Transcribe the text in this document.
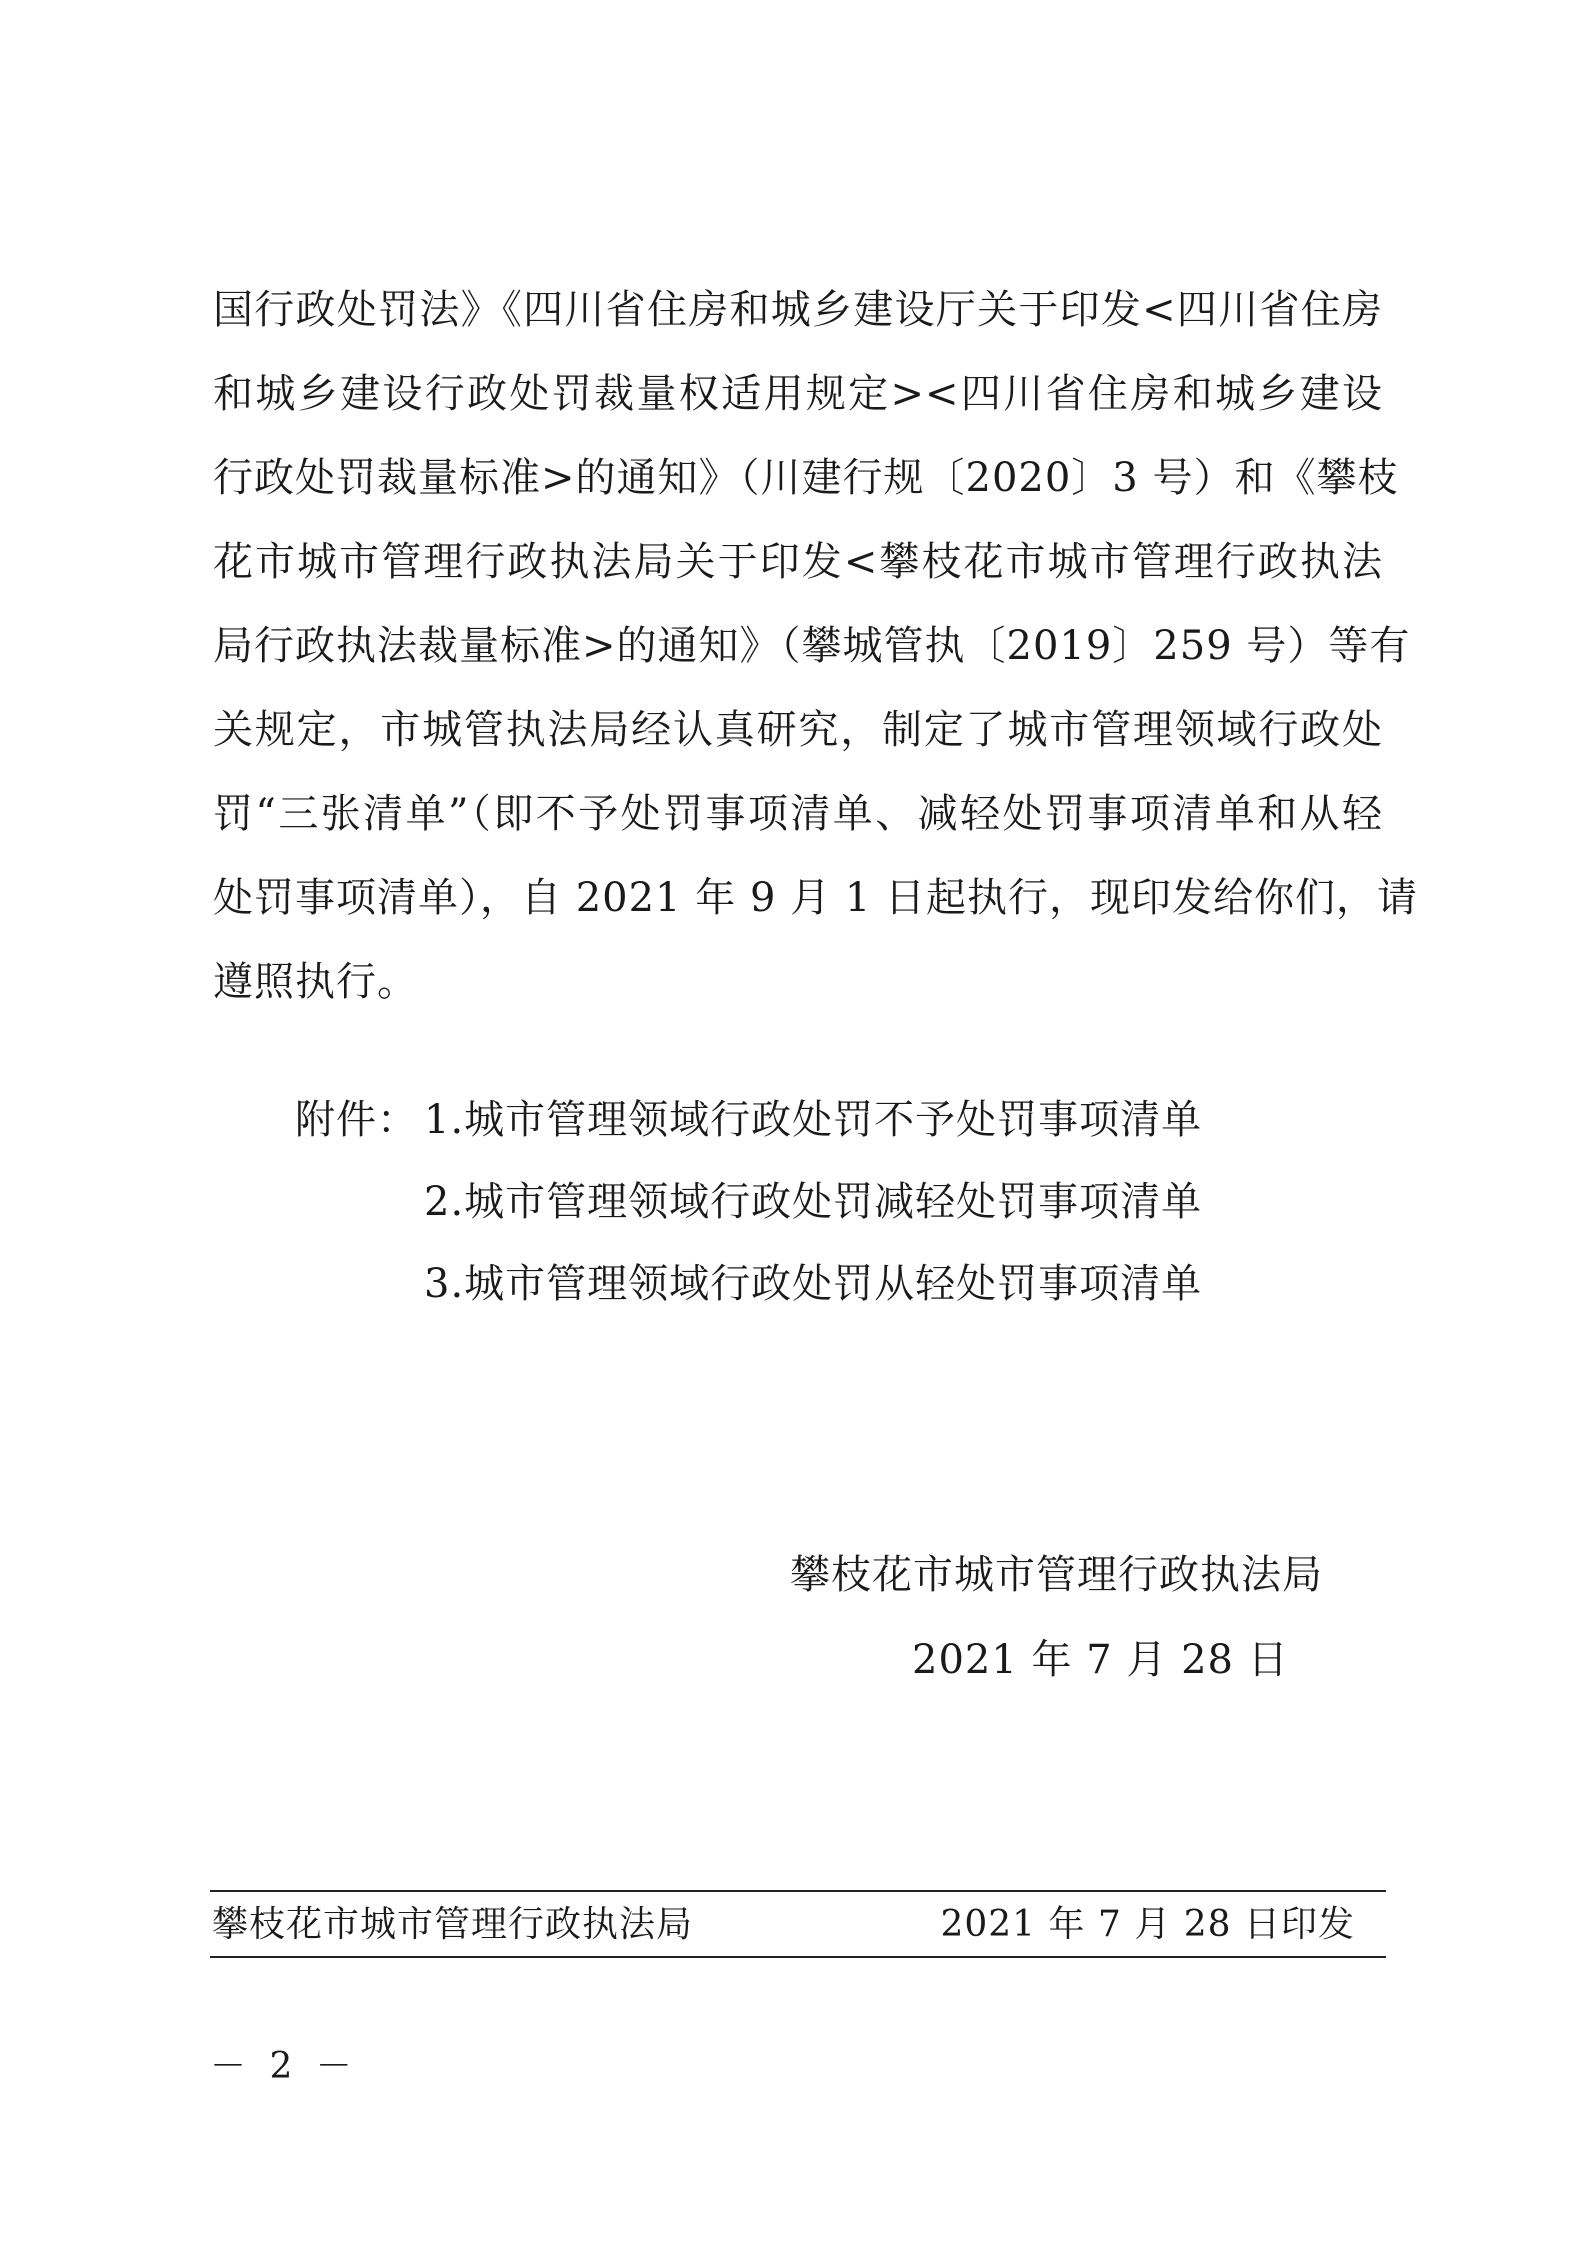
国行政处罚法》《四川省住房和城乡建设厅关于印发<四川省住房
和城乡建设行政处罚裁量权适用规定><四川省住房和城乡建设
行政处罚裁量标准>的通知》（川建行规〔2020〕3 号）和《攀枝
花市城市管理行政执法局关于印发<攀枝花市城市管理行政执法
局行政执法裁量标准>的通知》（攀城管执〔2019〕259 号）等有
关规定，市城管执法局经认真研究，制定了城市管理领域行政处
罚“三张清单”（即不予处罚事项清单、减轻处罚事项清单和从轻
处罚事项清单），自 2021 年 9 月 1 日起执行，现印发给你们，请
遵照执行。
附件： 1.城市管理领域行政处罚不予处罚事项清单
2.城市管理领域行政处罚减轻处罚事项清单
3.城市管理领域行政处罚从轻处罚事项清单
攀枝花市城市管理行政执法局
2021 年 7 月 28 日
攀枝花市城市管理行政执法局	2021 年 7 月 28 日印发
－ 2 －
